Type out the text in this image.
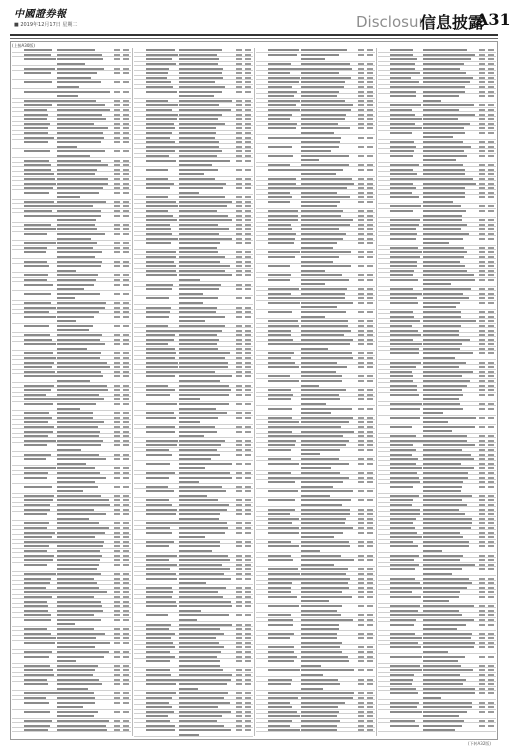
中國證券報
■ 2019年12月17日 星期二	Disclosure
信息披露
A31
(上接A30版)
(下转A32版)
